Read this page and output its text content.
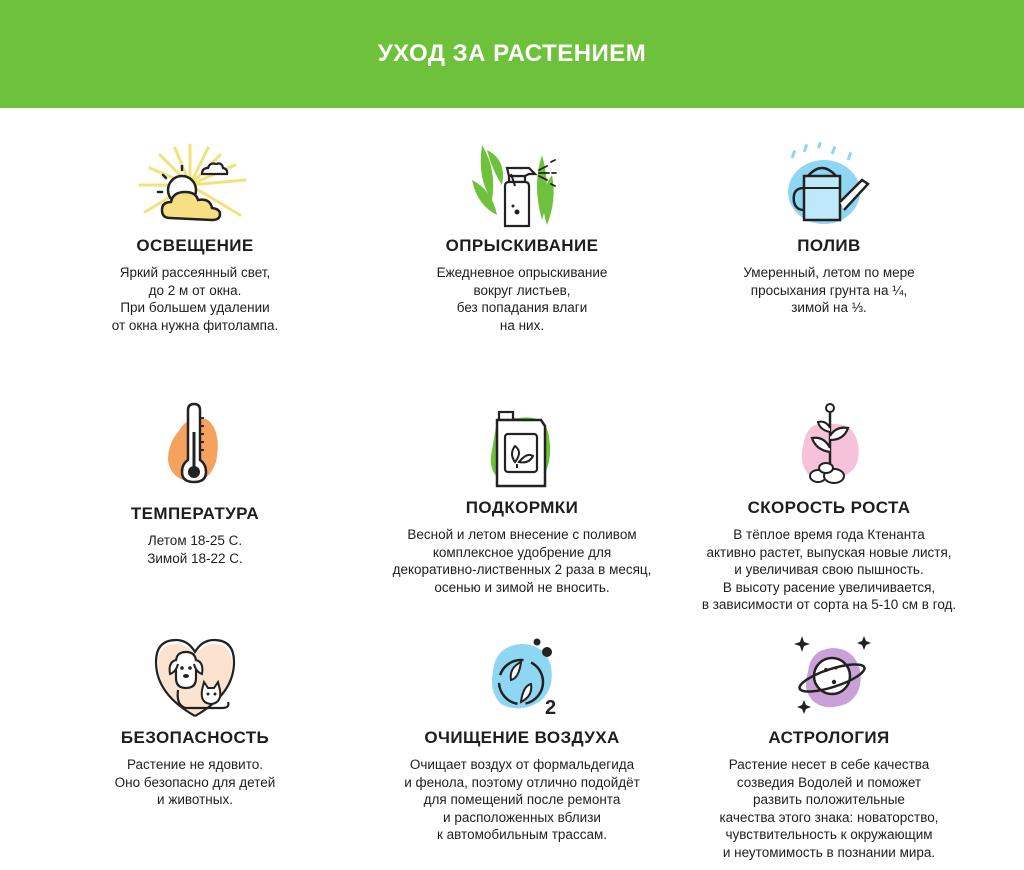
УХОД ЗА РАСТЕНИЕМ
ОСВЕЩЕНИЕ

Яркий рассеянный свет,
до 2 м от окна.
При большем удалении
от окна нужна фитолампа.

ОПРЫСКИВАНИЕ

Ежедневное опрыскивание
вокруг листьев,
без попадания влаги
на них.

ПОЛИВ

Умеренный, летом по мере
просыхания грунта на ¼,
зимой на ⅓.

ТЕМПЕРАТУРА

Летом 18-25 С.
Зимой 18-22 С.

ПОДКОРМКИ

Весной и летом внесение с поливом
комплексное удобрение для
декоративно-лиственных 2 раза в месяц,
осенью и зимой не вносить.

СКОРОСТЬ РОСТА

В тёплое время года Ктенанта
активно растет, выпуская новые листя,
и увеличивая свою пышность.
В высоту расение увеличивается,
в зависимости от сорта на 5-10 см в год.

БЕЗОПАСНОСТЬ

Растение не ядовито.
Оно безопасно для детей
и животных.

2
ОЧИЩЕНИЕ ВОЗДУХА

Очищает воздух от формальдегида
и фенола, поэтому отлично подойдёт
для помещений после ремонта
и расположенных вблизи
к автомобильным трассам.

АСТРОЛОГИЯ

Растение несет в себе качества
созведия Водолей и поможет
развить положительные
качества этого знака: новаторство,
чувствительность к окружающим
и неутомимость в познании мира.
